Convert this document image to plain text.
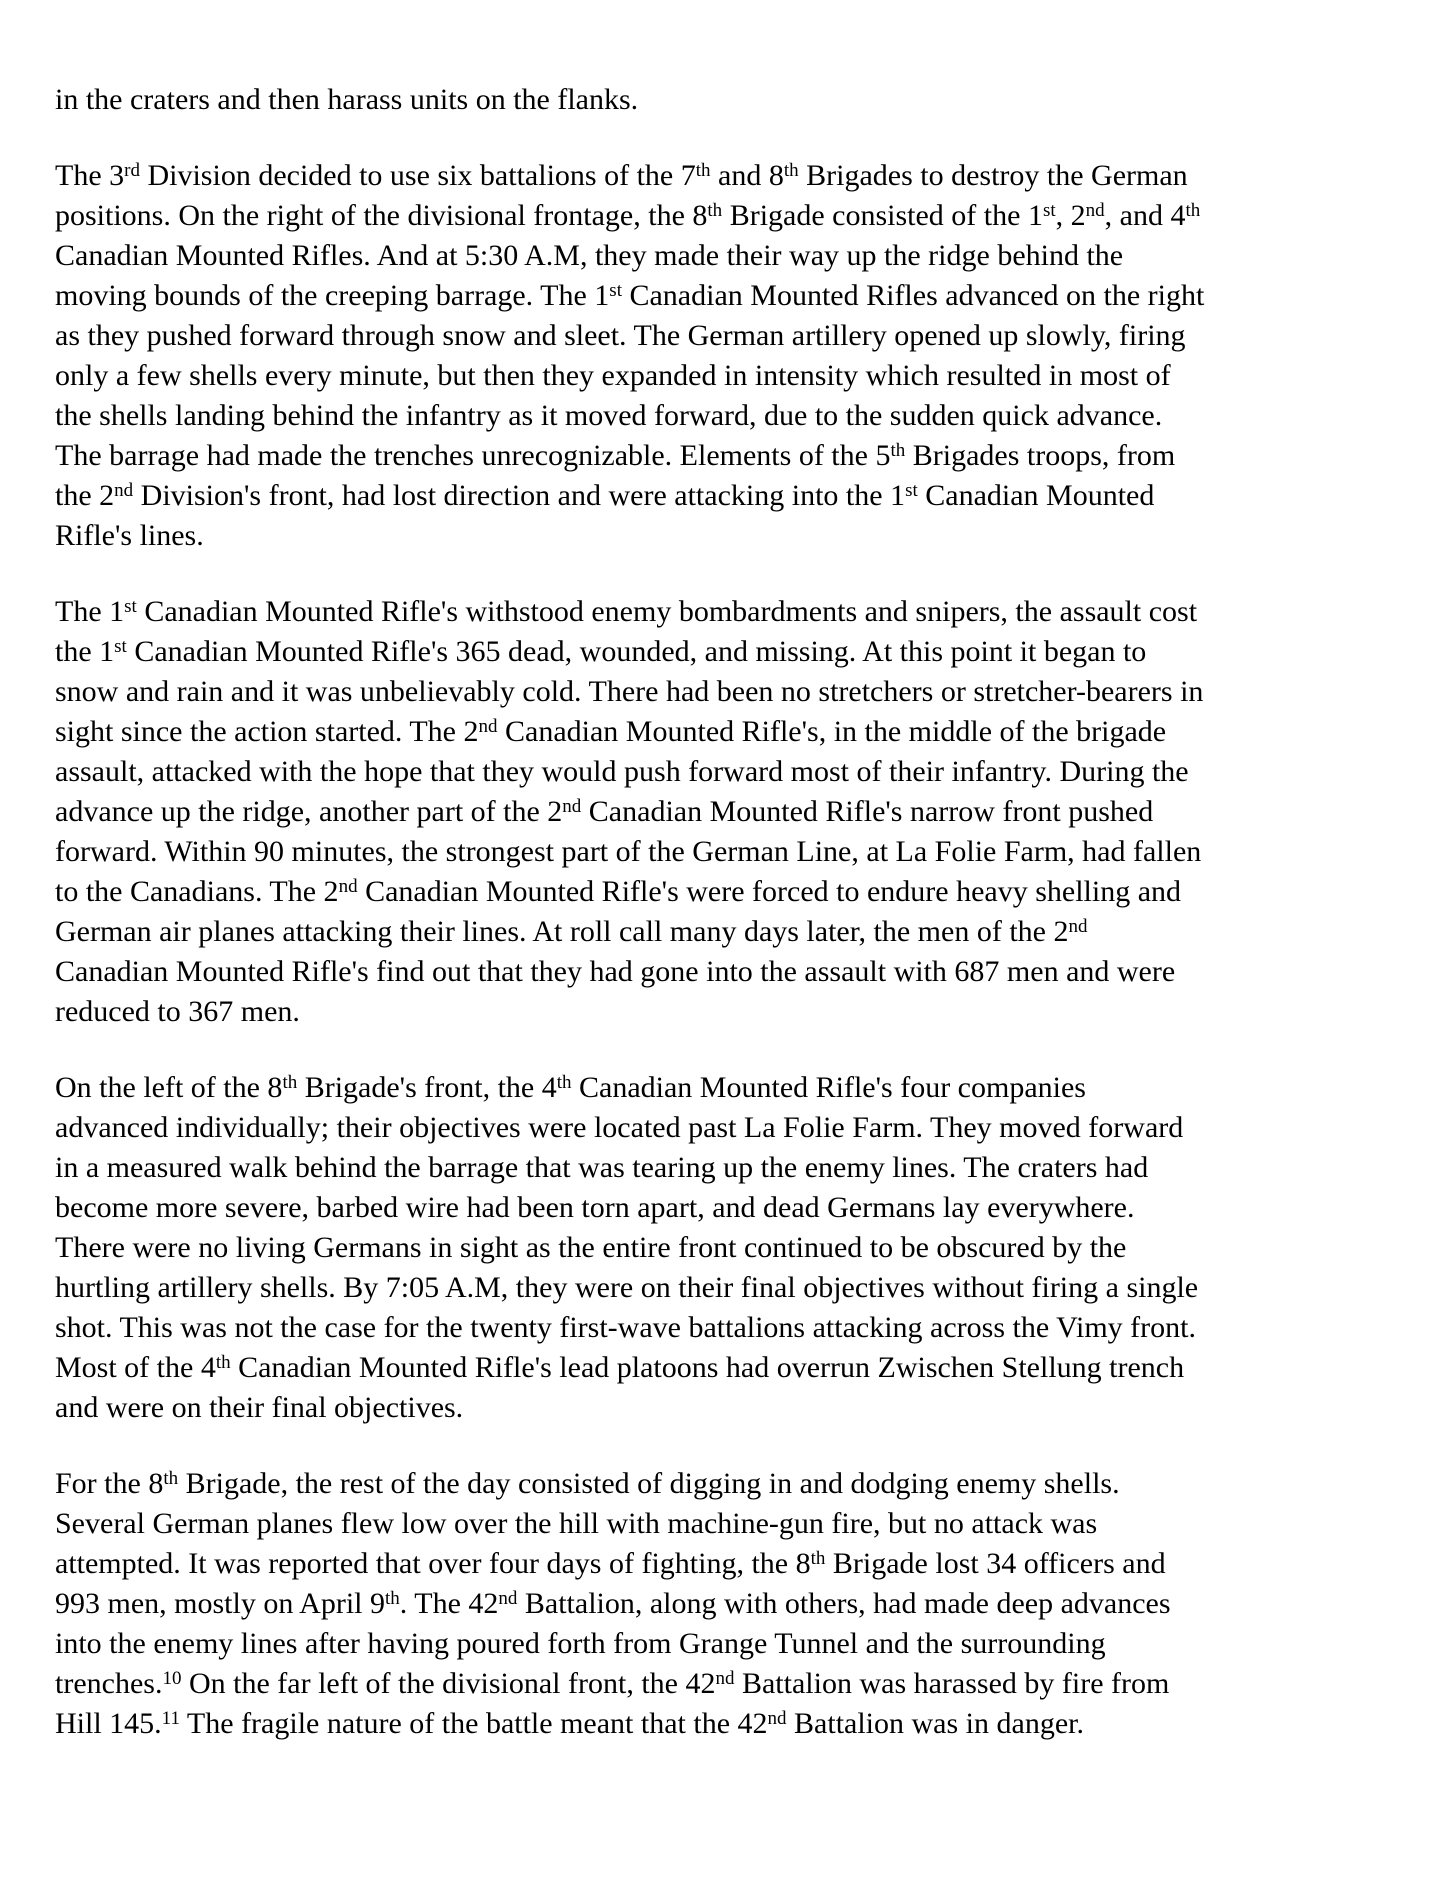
in the craters and then harass units on the flanks.

The 3rd Division decided to use six battalions of the 7th and 8th Brigades to destroy the German
positions. On the right of the divisional frontage, the 8th Brigade consisted of the 1st, 2nd, and 4th
Canadian Mounted Rifles. And at 5:30 A.M, they made their way up the ridge behind the
moving bounds of the creeping barrage. The 1st Canadian Mounted Rifles advanced on the right
as they pushed forward through snow and sleet. The German artillery opened up slowly, firing
only a few shells every minute, but then they expanded in intensity which resulted in most of
the shells landing behind the infantry as it moved forward, due to the sudden quick advance.
The barrage had made the trenches unrecognizable. Elements of the 5th Brigades troops, from
the 2nd Division's front, had lost direction and were attacking into the 1st Canadian Mounted
Rifle's lines.

The 1st Canadian Mounted Rifle's withstood enemy bombardments and snipers, the assault cost
the 1st Canadian Mounted Rifle's 365 dead, wounded, and missing. At this point it began to
snow and rain and it was unbelievably cold. There had been no stretchers or stretcher-bearers in
sight since the action started. The 2nd Canadian Mounted Rifle's, in the middle of the brigade
assault, attacked with the hope that they would push forward most of their infantry. During the
advance up the ridge, another part of the 2nd Canadian Mounted Rifle's narrow front pushed
forward. Within 90 minutes, the strongest part of the German Line, at La Folie Farm, had fallen
to the Canadians. The 2nd Canadian Mounted Rifle's were forced to endure heavy shelling and
German air planes attacking their lines. At roll call many days later, the men of the 2nd
Canadian Mounted Rifle's find out that they had gone into the assault with 687 men and were
reduced to 367 men.

On the left of the 8th Brigade's front, the 4th Canadian Mounted Rifle's four companies
advanced individually; their objectives were located past La Folie Farm. They moved forward
in a measured walk behind the barrage that was tearing up the enemy lines. The craters had
become more severe, barbed wire had been torn apart, and dead Germans lay everywhere.
There were no living Germans in sight as the entire front continued to be obscured by the
hurtling artillery shells. By 7:05 A.M, they were on their final objectives without firing a single
shot. This was not the case for the twenty first-wave battalions attacking across the Vimy front.
Most of the 4th Canadian Mounted Rifle's lead platoons had overrun Zwischen Stellung trench
and were on their final objectives.

For the 8th Brigade, the rest of the day consisted of digging in and dodging enemy shells.
Several German planes flew low over the hill with machine-gun fire, but no attack was
attempted. It was reported that over four days of fighting, the 8th Brigade lost 34 officers and
993 men, mostly on April 9th. The 42nd Battalion, along with others, had made deep advances
into the enemy lines after having poured forth from Grange Tunnel and the surrounding
trenches.$^{10}$ On the far left of the divisional front, the 42nd Battalion was harassed by fire from
Hill 145.11 The fragile nature of the battle meant that the 42nd Battalion was in danger.
